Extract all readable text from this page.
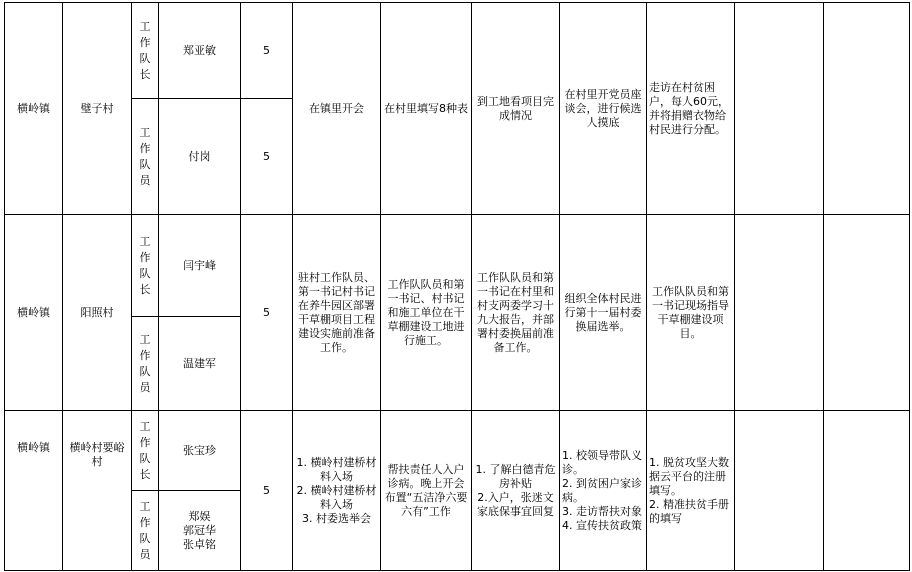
横岭镇	璧子村	工作队长	郑亚敏	5	在镇里开会	在村里填写8种表	到工地看项目完成情况	在村里开党员座谈会，进行候选人摸底	走访在村贫困户，每人60元，并将捐赠衣物给村民进行分配。		

		工作队员	付岗	5							
横岭镇	阳照村	工作队长	闫宇峰	5	驻村工作队员、第一书记村书记在养牛园区部署干草棚项目工程建设实施前准备工作。	工作队队员和第一书记、村书记和施工单位在干草棚建设工地进行施工。	工作队队员和第一书记在村里和村支两委学习十九大报告，并部署村委换届前准备工作。	组织全体村民进行第十一届村委换届选举。	工作队队员和第一书记现场指导干草棚建设项目。		

		工作队员	温建军								
横岭镇	横岭村要峪村	工作队长	张宝珍	5	1. 横岭村建桥材料入场
2. 横岭村建桥材料入场
3. 村委选举会	帮扶责任人入户诊病。晚上开会布置“五洁净六要六有”工作	1. 了解白德青危房补贴
2.入户，张迷文家底保事宜回复	1. 校领导带队义诊。
2. 到贫困户家诊病。
3. 走访帮扶对象
4. 宣传扶贫政策	1. 脱贫攻坚大数据云平台的注册填写。
2. 精准扶贫手册的填写		

		工作队员	郑娱
郭冠华
张卓铭								
